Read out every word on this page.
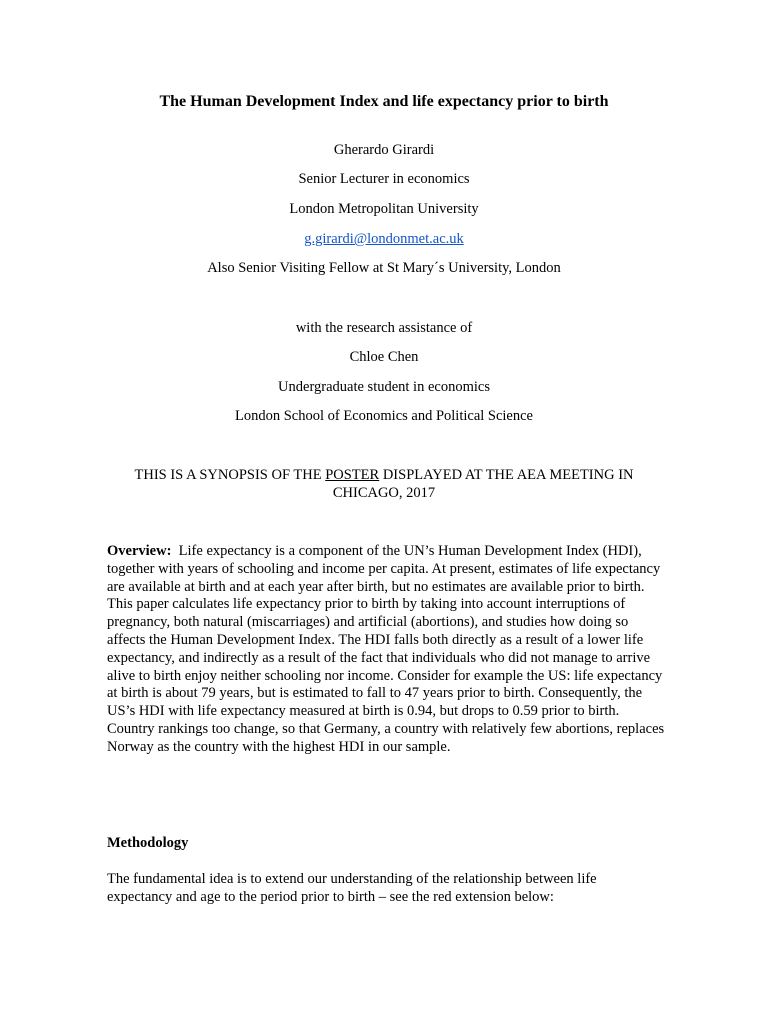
The Human Development Index and life expectancy prior to birth
Gherardo Girardi
Senior Lecturer in economics
London Metropolitan University
g.girardi@londonmet.ac.uk
Also Senior Visiting Fellow at St Mary´s University, London
with the research assistance of
Chloe Chen
Undergraduate student in economics
London School of Economics and Political Science
THIS IS A SYNOPSIS OF THE POSTER DISPLAYED AT THE AEA MEETING IN CHICAGO, 2017
Overview: Life expectancy is a component of the UN’s Human Development Index (HDI), together with years of schooling and income per capita. At present, estimates of life expectancy are available at birth and at each year after birth, but no estimates are available prior to birth. This paper calculates life expectancy prior to birth by taking into account interruptions of pregnancy, both natural (miscarriages) and artificial (abortions), and studies how doing so affects the Human Development Index. The HDI falls both directly as a result of a lower life expectancy, and indirectly as a result of the fact that individuals who did not manage to arrive alive to birth enjoy neither schooling nor income. Consider for example the US: life expectancy at birth is about 79 years, but is estimated to fall to 47 years prior to birth. Consequently, the US’s HDI with life expectancy measured at birth is 0.94, but drops to 0.59 prior to birth. Country rankings too change, so that Germany, a country with relatively few abortions, replaces Norway as the country with the highest HDI in our sample.
Methodology
The fundamental idea is to extend our understanding of the relationship between life expectancy and age to the period prior to birth – see the red extension below:
